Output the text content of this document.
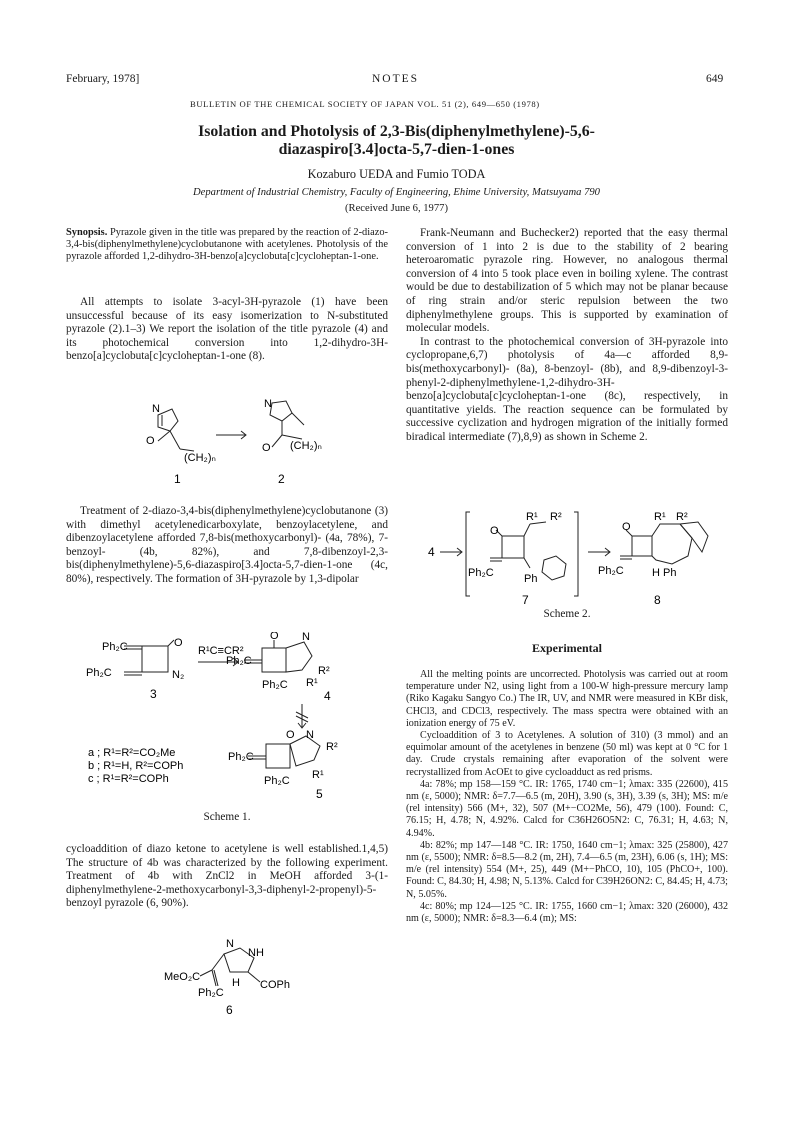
February, 1978]	NOTES	649
BULLETIN OF THE CHEMICAL SOCIETY OF JAPAN VOL. 51 (2), 649—650 (1978)
Isolation and Photolysis of 2,3-Bis(diphenylmethylene)-5,6-
diazaspiro[3.4]octa-5,7-dien-1-ones
Kozaburo UEDA and Fumio TODA
Department of Industrial Chemistry, Faculty of Engineering, Ehime University, Matsuyama 790
(Received June 6, 1977)
Synopsis. Pyrazole given in the title was prepared by the reaction of 2-diazo-3,4-bis(diphenylmethylene)cyclobutanone with acetylenes. Photolysis of the pyrazole afforded 1,2-dihydro-3H-benzo[a]cyclobuta[c]cycloheptan-1-one.

All attempts to isolate 3-acyl-3H-pyrazole (1) have been unsuccessful because of its easy isomerization to N-substituted pyrazole (2).1–3) We report the isolation of the title pyrazole (4) and its photochemical conversion into 1,2-dihydro-3H-benzo[a]cyclobuta[c]cycloheptan-1-one (8).

N
O
(CH₂)ₙ
1
N
O (CH₂)ₙ
2

Treatment of 2-diazo-3,4-bis(diphenylmethylene)cyclobutanone (3) with dimethyl acetylenedicarboxylate, benzoylacetylene, and dibenzoylacetylene afforded 7,8-bis(methoxycarbonyl)- (4a, 78%), 7-benzoyl- (4b, 82%), and 7,8-dibenzoyl-2,3-bis(diphenylmethylene)-5,6-diazaspiro[3.4]octa-5,7-dien-1-one (4c, 80%), respectively. The formation of 3H-pyrazole by 1,3-dipolar

Ph₂C	O
Ph₂C	N₂
3
R¹C≡CR²
O N
Ph₂C
R²
R¹
Ph₂C
4
O N
R²
Ph₂C
R¹
Ph₂C
5
a ; R¹=R²=CO₂Me
b ; R¹=H, R²=COPh
c ; R¹=R²=COPh
Scheme 1.

cycloaddition of diazo ketone to acetylene is well established.1,4,5) The structure of 4b was characterized by the following experiment. Treatment of 4b with ZnCl2 in MeOH afforded 3-(1-diphenylmethylene-2-methoxycarbonyl-3,3-diphenyl-2-propenyl)-5-benzoyl pyrazole (6, 90%).

N
NH
MeO₂C
COPh
H
Ph₂C
6

Frank-Neumann and Buchecker2) reported that the easy thermal conversion of 1 into 2 is due to the stability of 2 bearing heteroaromatic pyrazole ring. However, no analogous thermal conversion of 4 into 5 took place even in boiling xylene. The contrast would be due to destabilization of 5 which may not be planar because of ring strain and/or steric repulsion between the two diphenylmethylene groups. This is supported by examination of molecular models.

In contrast to the photochemical conversion of 3H-pyrazole into cyclopropane,6,7) photolysis of 4a—c afforded 8,9-bis(methoxycarbonyl)- (8a), 8-benzoyl- (8b), and 8,9-dibenzoyl-3-phenyl-2-diphenylmethylene-1,2-dihydro-3H-benzo[a]cyclobuta[c]cycloheptan-1-one (8c), respectively, in quantitative yields. The reaction sequence can be formulated by successive cyclization and hydrogen migration of the initially formed biradical intermediate (7),8,9) as shown in Scheme 2.

4
O
R¹ R²
Ph₂C	Ph
7
O
R¹ R²
Ph₂C	H Ph
8
Scheme 2.
Experimental

All the melting points are uncorrected. Photolysis was carried out at room temperature under N2, using light from a 100-W high-pressure mercury lamp (Riko Kagaku Sangyo Co.) The IR, UV, and NMR were measured in KBr disk, CHCl3, and CDCl3, respectively. The mass spectra were obtained with an ionization energy of 75 eV.

Cycloaddition of 3 to Acetylenes. A solution of 310) (3 mmol) and an equimolar amount of the acetylenes in benzene (50 ml) was kept at 0 °C for 1 day. Crude crystals remaining after evaporation of the solvent were recrystallized from AcOEt to give cycloadduct as red prisms.

4a: 78%; mp 158—159 °C. IR: 1765, 1740 cm−1; λmax: 335 (22600), 415 nm (ε, 5000); NMR: δ=7.7—6.5 (m, 20H), 3.90 (s, 3H), 3.39 (s, 3H); MS: m/e (rel intensity) 566 (M+, 32), 507 (M+−CO2Me, 56), 479 (100). Found: C, 76.15; H, 4.78; N, 4.92%. Calcd for C36H26O5N2: C, 76.31; H, 4.63; N, 4.94%.

4b: 82%; mp 147—148 °C. IR: 1750, 1640 cm−1; λmax: 325 (25800), 427 nm (ε, 5500); NMR: δ=8.5—8.2 (m, 2H), 7.4—6.5 (m, 23H), 6.06 (s, 1H); MS: m/e (rel intensity) 554 (M+, 25), 449 (M+−PhCO, 10), 105 (PhCO+, 100). Found: C, 84.30; H, 4.98; N, 5.13%. Calcd for C39H26ON2: C, 84.45; H, 4.73; N, 5.05%.

4c: 80%; mp 124—125 °C. IR: 1755, 1660 cm−1; λmax: 320 (26000), 432 nm (ε, 5000); NMR: δ=8.3—6.4 (m); MS:
